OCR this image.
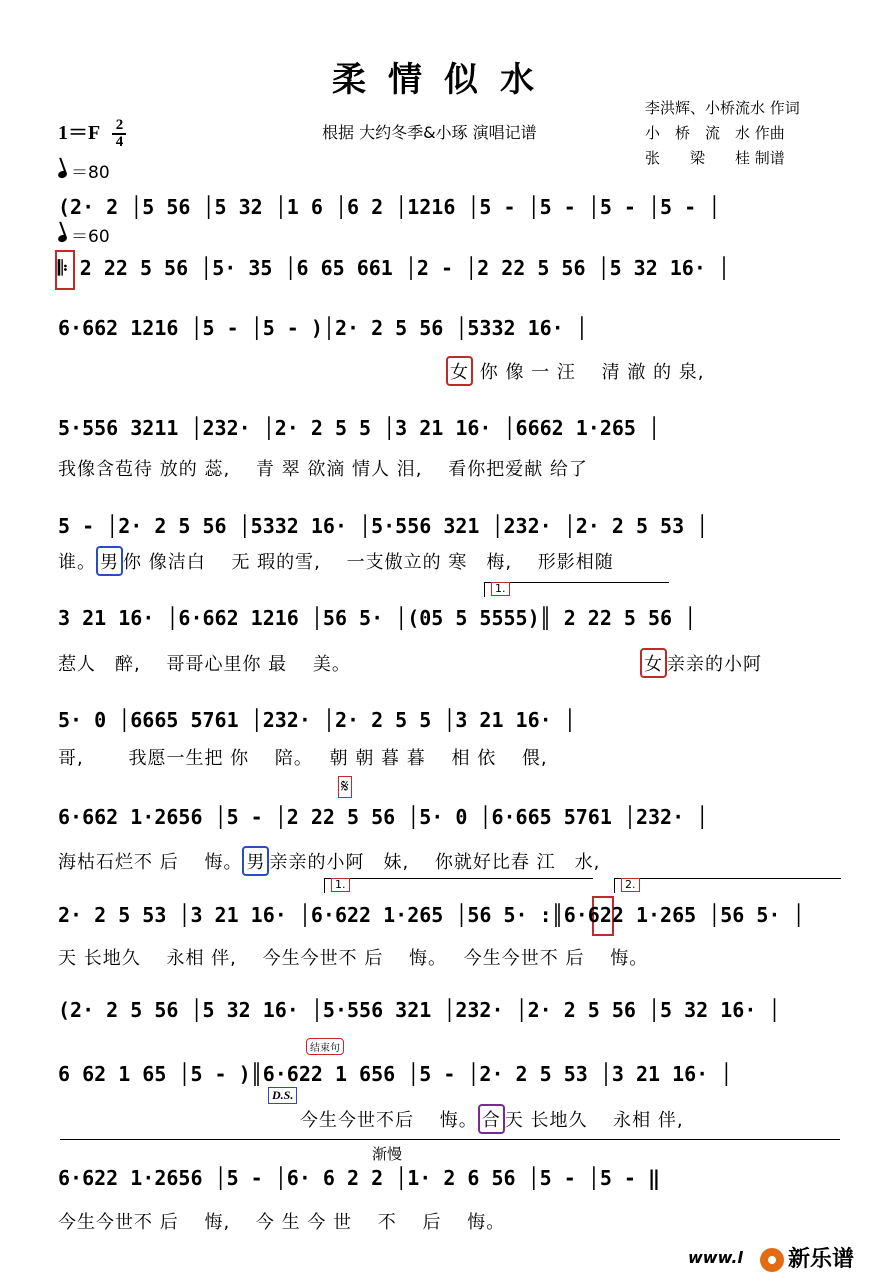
柔情似水
$1=F \frac{2}{4}$	根据 大约冬季&小琢 演唱记谱
李洪辉、小桥流水 作词
小　桥　流　水 作曲
张　　梁　　桂 制谱
＝80
(2· 2 │5 56 │5 32 │1 6 │6 2 │1216 │5 - │5 - │5 - │5 - │
＝60
𝄆 2 22 5 56 │5· 35 │6 65 661 │2 - │2 22 5 56 │5 32 16· │
6·662 1216 │5 - │5 - )│2· 2 5 56 │5332 16· │
女 你 像 一 汪　 清 澈 的 泉,
5·556 3211 │232· │2· 2 5 5 │3 21 16· │6662 1·265 │
我像含苞待 放的 蕊,　 青 翠 欲滴 情人 泪,　 看你把爱献 给了
5 - │2· 2 5 56 │5332 16· │5·556 321 │232· │2· 2 5 53 │
谁。 男 你 像洁白　 无 瑕的雪,　 一支傲立的 寒　梅,　 形影相随
1.
3 21 16· │6·662 1216 │56 5· │(05 5 5555)║ 2 22 5 56 │
惹人　醉,　 哥哥心里你 最　 美。	女 亲亲的小阿
5· 0 │6665 5761 │232· │2· 2 5 5 │3 21 16· │
哥,　　 我愿一生把 你　 陪。　 朝 朝 暮 暮　 相 依　 偎,
𝄋
6·662 1·2656 │5 - │2 22 5 56 │5· 0 │6·665 5761 │232· │
海枯石烂不 后　 悔。 男 亲亲的小阿　妹,　 你就好比春 江　水,
1.	2.
2· 2 5 53 │3 21 16· │6·622 1·265 │56 5· :║6·622 1·265 │56 5· │
天 长地久　 永相 伴,　 今生今世不 后　 悔。　 今生今世不 后　 悔。
(2· 2 5 56 │5 32 16· │5·556 321 │232· │2· 2 5 56 │5 32 16· │
结束句
6 62 1 65 │5 - )║6·622 1 656 │5 - │2· 2 5 53 │3 21 16· │
D.S.
今生今世不后　 悔。 合 天 长地久　 永相 伴,
渐慢
6·622 1·2656 │5 - │6· 6 2 2 │1· 2 6 56 │5 - │5 - ‖
今生今世不 后　 悔,　 今 生 今 世　 不　 后　 悔。
www.l	新乐谱
